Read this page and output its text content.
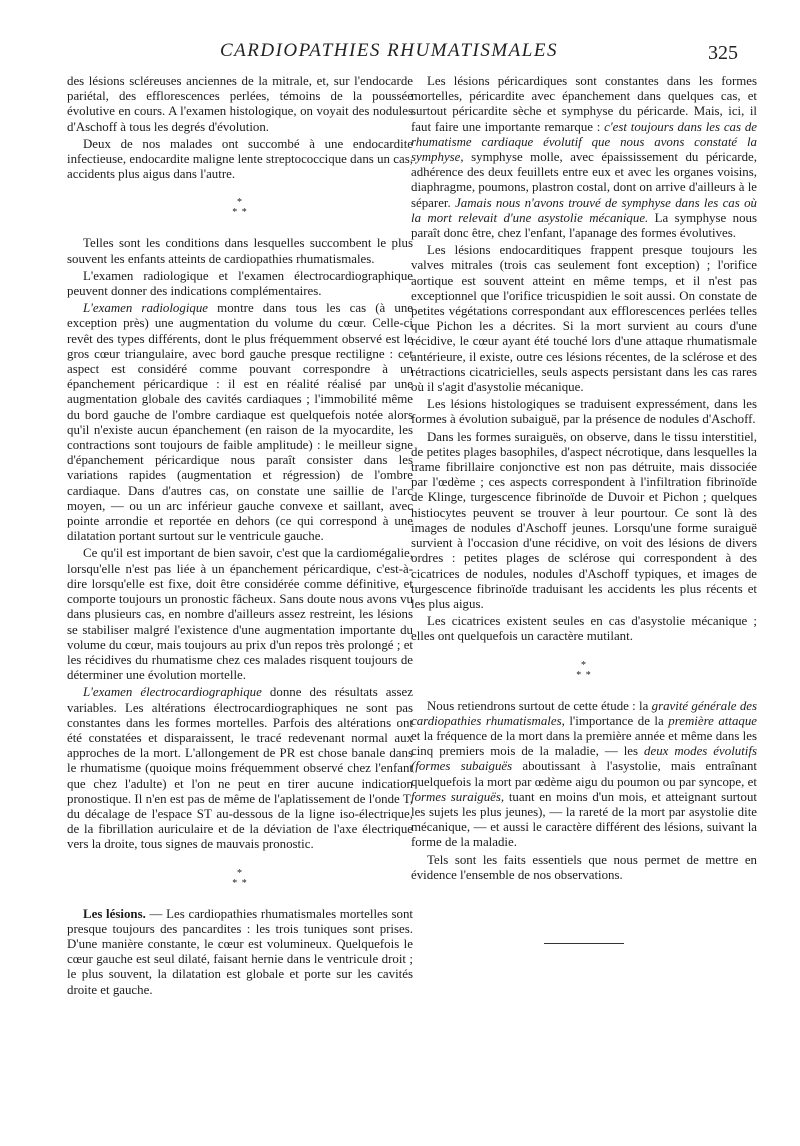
CARDIOPATHIES RHUMATISMALES	325

des lésions scléreuses anciennes de la mitrale, et, sur l'endocarde pariétal, des efflorescences perlées, témoins de la poussée évolutive en cours. A l'examen histologique, on voyait des nodules d'Aschoff à tous les degrés d'évolution.

Deux de nos malades ont succombé à une endocardite infectieuse, endocardite maligne lente streptococcique dans un cas, accidents plus aigus dans l'autre.

*
* *

Telles sont les conditions dans lesquelles succombent le plus souvent les enfants atteints de cardiopathies rhumatismales.

L'examen radiologique et l'examen électrocardiographique peuvent donner des indications complémentaires.

L'examen radiologique montre dans tous les cas (à une exception près) une augmentation du volume du cœur. Celle-ci revêt des types différents, dont le plus fréquemment observé est le gros cœur triangulaire, avec bord gauche presque rectiligne : cet aspect est considéré comme pouvant correspondre à un épanchement péricardique : il est en réalité réalisé par une augmentation globale des cavités cardiaques ; l'immobilité même du bord gauche de l'ombre cardiaque est quelquefois notée alors qu'il n'existe aucun épanchement (en raison de la myocardite, les contractions sont toujours de faible amplitude) : le meilleur signe d'épanchement péricardique nous paraît consister dans les variations rapides (augmentation et régression) de l'ombre cardiaque. Dans d'autres cas, on constate une saillie de l'arc moyen, — ou un arc inférieur gauche convexe et saillant, avec pointe arrondie et reportée en dehors (ce qui correspond à une dilatation portant surtout sur le ventricule gauche.

Ce qu'il est important de bien savoir, c'est que la cardiomégalie, lorsqu'elle n'est pas liée à un épanchement péricardique, c'est-à-dire lorsqu'elle est fixe, doit être considérée comme définitive, et comporte toujours un pronostic fâcheux. Sans doute nous avons vu dans plusieurs cas, en nombre d'ailleurs assez restreint, les lésions se stabiliser malgré l'existence d'une augmentation importante du volume du cœur, mais toujours au prix d'un repos très prolongé ; et les récidives du rhumatisme chez ces malades risquent toujours de déterminer une évolution mortelle.

L'examen électrocardiographique donne des résultats assez variables. Les altérations électrocardiographiques ne sont pas constantes dans les formes mortelles. Parfois des altérations ont été constatées et disparaissent, le tracé redevenant normal aux approches de la mort. L'allongement de PR est chose banale dans le rhumatisme (quoique moins fréquemment observé chez l'enfant que chez l'adulte) et l'on ne peut en tirer aucune indication pronostique. Il n'en est pas de même de l'aplatissement de l'onde T, du décalage de l'espace ST au-dessous de la ligne iso-électrique, de la fibrillation auriculaire et de la déviation de l'axe électrique vers la droite, tous signes de mauvais pronostic.

*
* *

Les lésions. — Les cardiopathies rhumatismales mortelles sont presque toujours des pancardites : les trois tuniques sont prises. D'une manière constante, le cœur est volumineux. Quelquefois le cœur gauche est seul dilaté, faisant hernie dans le ventricule droit ; le plus souvent, la dilatation est globale et porte sur les cavités droite et gauche.

Les lésions péricardiques sont constantes dans les formes mortelles, péricardite avec épanchement dans quelques cas, et surtout péricardite sèche et symphyse du péricarde. Mais, ici, il faut faire une importante remarque : c'est toujours dans les cas de rhumatisme cardiaque évolutif que nous avons constaté la symphyse, symphyse molle, avec épaississement du péricarde, adhérence des deux feuillets entre eux et avec les organes voisins, diaphragme, poumons, plastron costal, dont on arrive d'ailleurs à le séparer. Jamais nous n'avons trouvé de symphyse dans les cas où la mort relevait d'une asystolie mécanique. La symphyse nous paraît donc être, chez l'enfant, l'apanage des formes évolutives.

Les lésions endocarditiques frappent presque toujours les valves mitrales (trois cas seulement font exception) ; l'orifice aortique est souvent atteint en même temps, et il n'est pas exceptionnel que l'orifice tricuspidien le soit aussi. On constate de petites végétations correspondant aux efflorescences perlées telles que Pichon les a décrites. Si la mort survient au cours d'une récidive, le cœur ayant été touché lors d'une attaque rhumatismale antérieure, il existe, outre ces lésions récentes, de la sclérose et des rétractions cicatricielles, seuls aspects persistant dans les cas rares où il s'agit d'asystolie mécanique.

Les lésions histologiques se traduisent expressément, dans les formes à évolution subaiguë, par la présence de nodules d'Aschoff.

Dans les formes suraiguës, on observe, dans le tissu interstitiel, de petites plages basophiles, d'aspect nécrotique, dans lesquelles la trame fibrillaire conjonctive est non pas détruite, mais dissociée par l'œdème ; ces aspects correspondent à l'infiltration fibrinoïde de Klinge, turgescence fibrinoïde de Duvoir et Pichon ; quelques histiocytes peuvent se trouver à leur pourtour. Ce sont là des images de nodules d'Aschoff jeunes. Lorsqu'une forme suraiguë survient à l'occasion d'une récidive, on voit des lésions de divers ordres : petites plages de sclérose qui correspondent à des cicatrices de nodules, nodules d'Aschoff typiques, et images de turgescence fibrinoïde traduisant les accidents les plus récents et les plus aigus.

Les cicatrices existent seules en cas d'asystolie mécanique ; elles ont quelquefois un caractère mutilant.

*
* *

Nous retiendrons surtout de cette étude : la gravité générale des cardiopathies rhumatismales, l'importance de la première attaque et la fréquence de la mort dans la première année et même dans les cinq premiers mois de la maladie, — les deux modes évolutifs (formes subaiguës aboutissant à l'asystolie, mais entraînant quelquefois la mort par œdème aigu du poumon ou par syncope, et formes suraiguës, tuant en moins d'un mois, et atteignant surtout les sujets les plus jeunes), — la rareté de la mort par asystolie dite mécanique, — et aussi le caractère différent des lésions, suivant la forme de la maladie.

Tels sont les faits essentiels que nous permet de mettre en évidence l'ensemble de nos observations.
